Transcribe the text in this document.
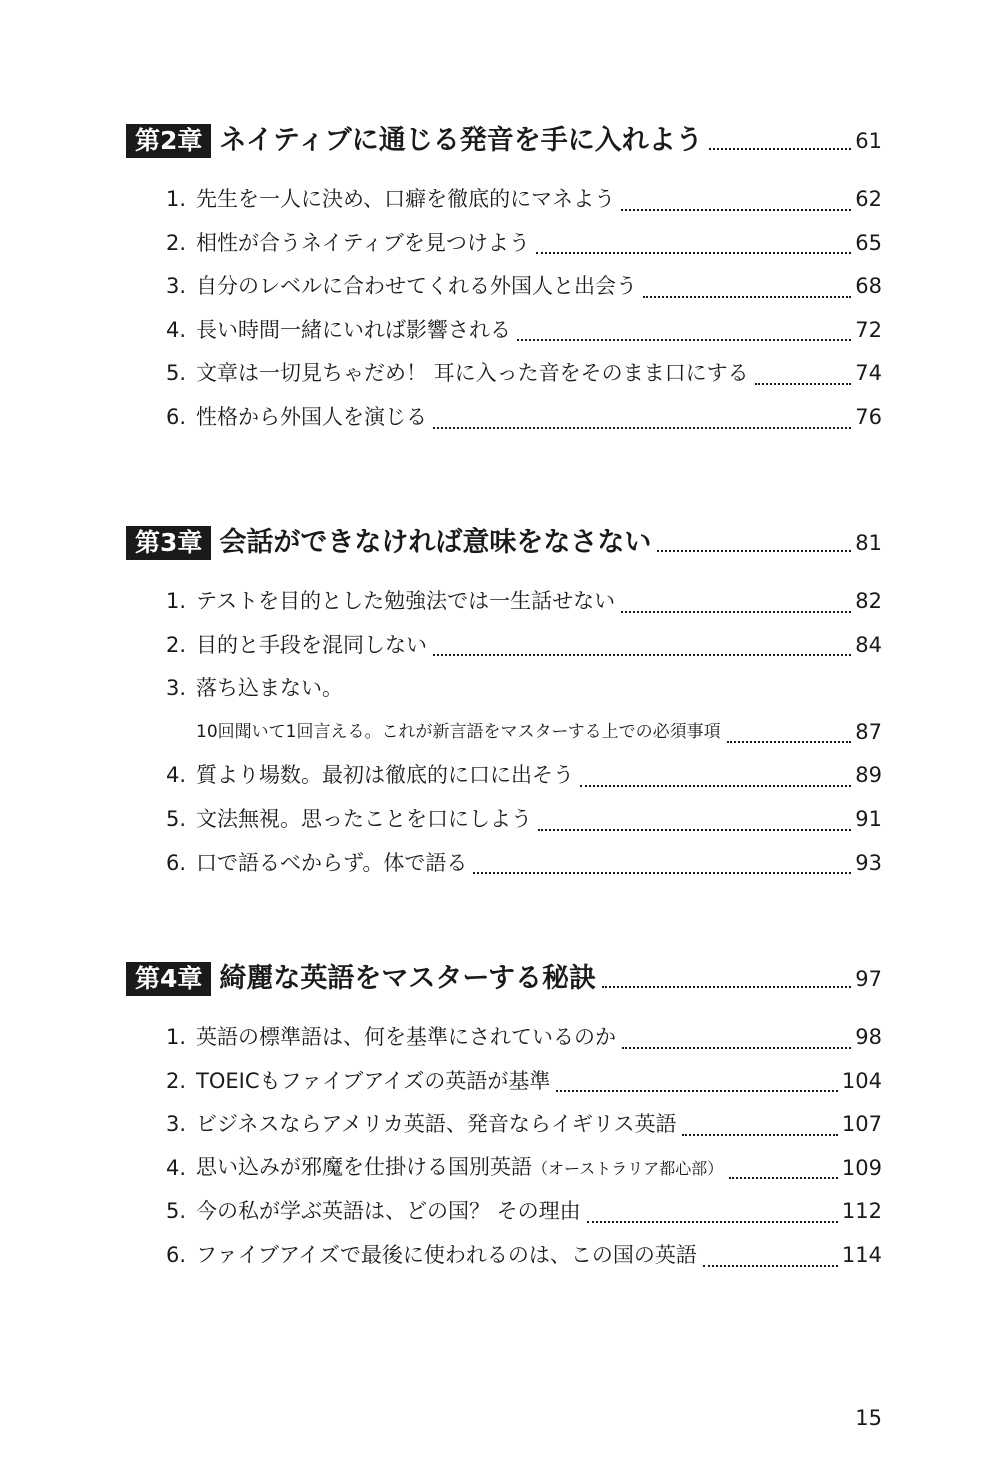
第2章 ネイティブに通じる発音を手に入れよう	61
1. 先生を一人に決め、口癖を徹底的にマネよう	62
2. 相性が合うネイティブを見つけよう	65
3. 自分のレベルに合わせてくれる外国人と出会う	68
4. 長い時間一緒にいれば影響される	72
5. 文章は一切見ちゃだめ！ 耳に入った音をそのまま口にする	74
6. 性格から外国人を演じる	76
第3章 会話ができなければ意味をなさない	81
1. テストを目的とした勉強法では一生話せない	82
2. 目的と手段を混同しない	84
3. 落ち込まない。
10回聞いて1回言える。これが新言語をマスターする上での必須事項	87
4. 質より場数。最初は徹底的に口に出そう	89
5. 文法無視。思ったことを口にしよう	91
6. 口で語るべからず。体で語る	93
第4章 綺麗な英語をマスターする秘訣	97
1. 英語の標準語は、何を基準にされているのか	98
2. TOEICもファイブアイズの英語が基準	104
3. ビジネスならアメリカ英語、発音ならイギリス英語	107
4. 思い込みが邪魔を仕掛ける国別英語（オーストラリア都心部）	109
5. 今の私が学ぶ英語は、どの国？ その理由	112
6. ファイブアイズで最後に使われるのは、この国の英語	114
15
